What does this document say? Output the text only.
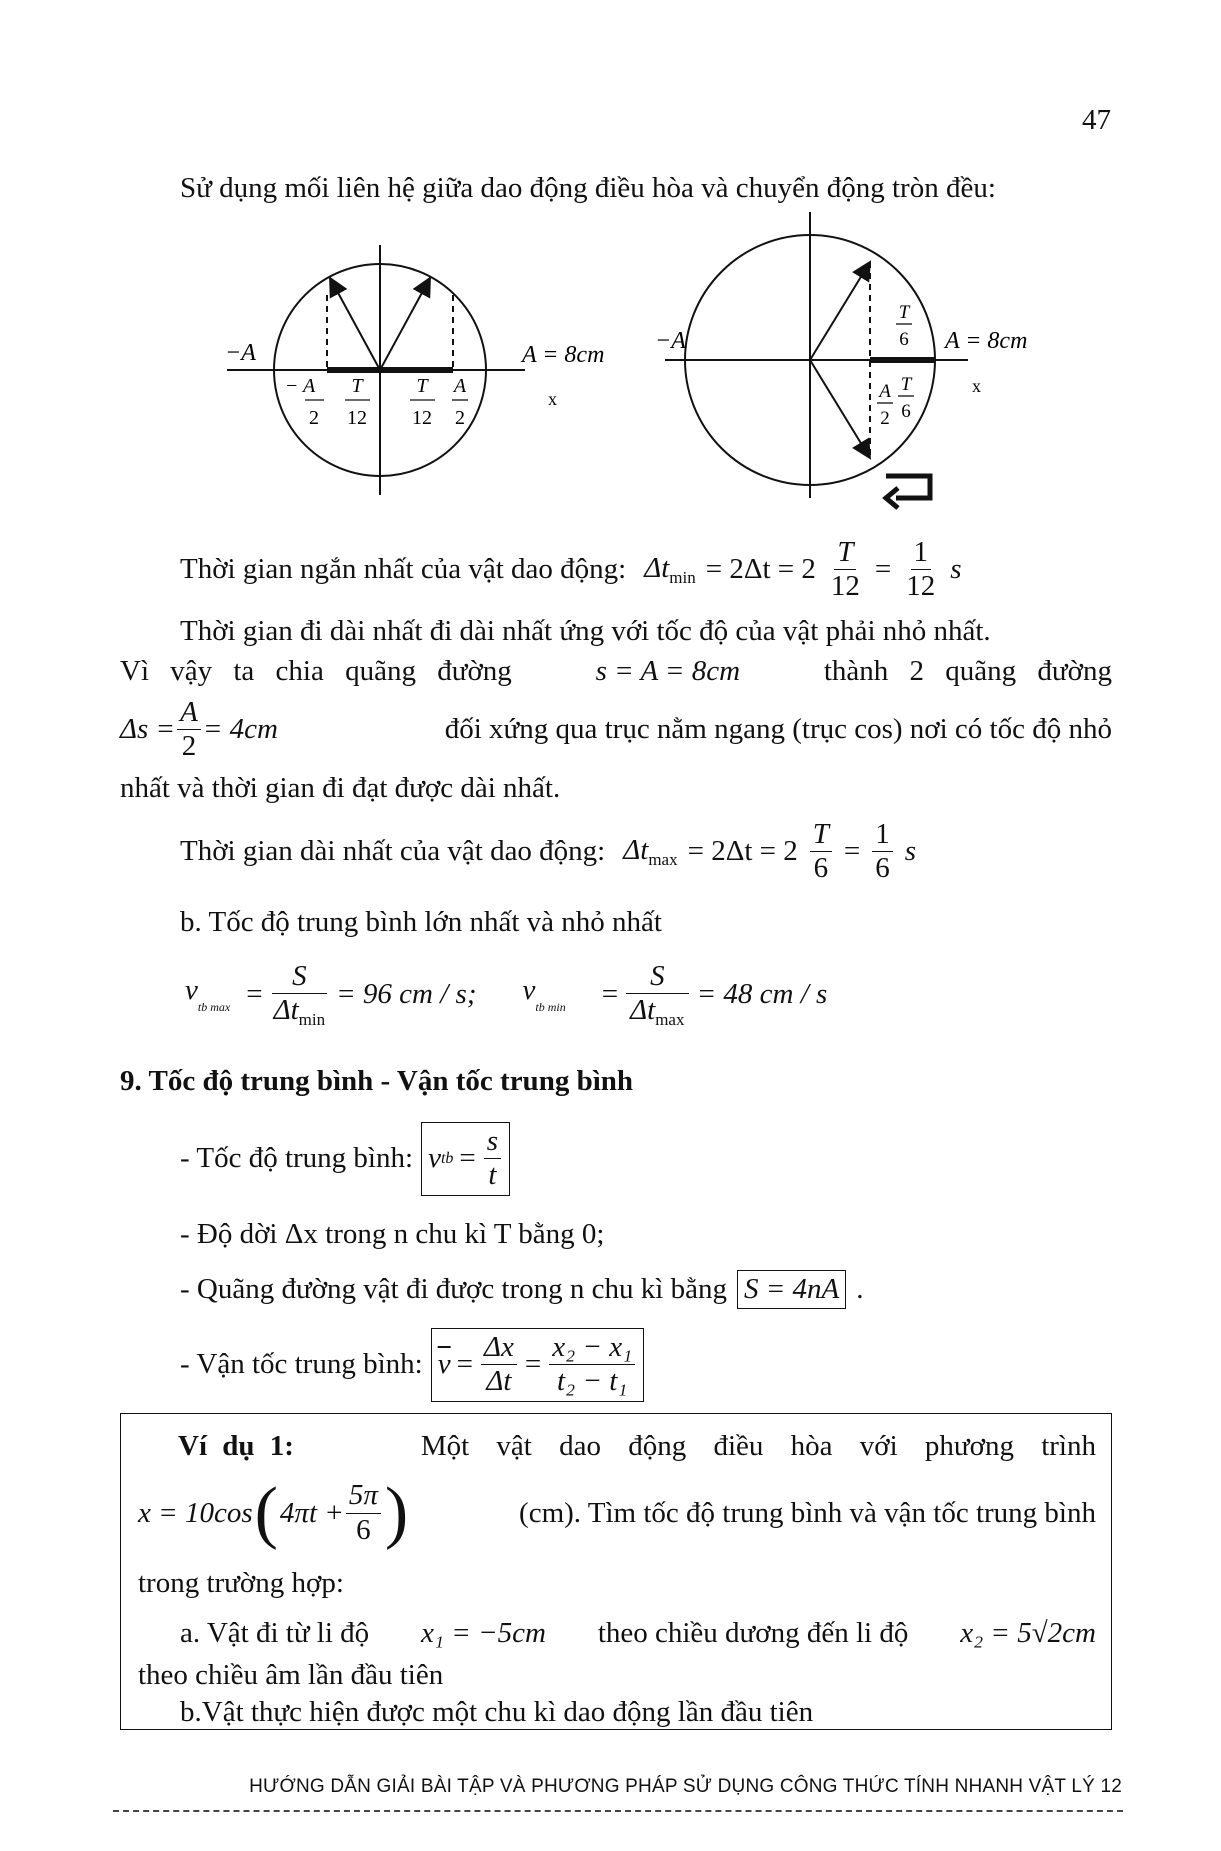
47
Sử dụng mối liên hệ giữa dao động điều hòa và chuyển động tròn đều:
−A	A = 8cm
x
− A
2
T
12
T
12
A
2
−A	A = 8cm
x
T
6
A
2
T
6
Thời gian ngắn nhất của vật dao động: $\Delta t_{min} = 2\Delta t = 2 \frac{T}{12} = \frac{1}{12}$ s
Thời gian đi dài nhất đi dài nhất ứng với tốc độ của vật phải nhỏ nhất.
Vì vậy ta chia quãng đường	s = A = 8cm	thành 2 quãng đường
$\Delta s = \frac{A}{2} = 4cm$	đối xứng qua trục nằm ngang (trục cos) nơi có tốc độ nhỏ
nhất và thời gian đi đạt được dài nhất.
Thời gian dài nhất của vật dao động: $\Delta t_{max} = 2\Delta t = 2 \frac{T}{6} = \frac{1}{6}$ s
b. Tốc độ trung bình lớn nhất và nhỏ nhất
$v_{tb max} = \frac{S}{\Delta t_{min}} = 96$ cm / s; $v_{tb min} = \frac{S}{\Delta t_{max}} = 48$ cm / s
9. Tốc độ trung bình - Vận tốc trung bình
- Tốc độ trung bình: v tb = $\frac{s}{t}$
- Độ dời Δx trong n chu kì T bằng 0;
- Quãng đường vật đi được trong n chu kì bằng S = 4nA .
- Vận tốc trung bình: $\overline{v} = \frac{\Delta x}{\Delta t} = \frac{\text{x₂ − x₁}}{\text{t₂ − t₁}}$
Ví dụ 1:	Một vật dao động điều hòa với phương trình
x = 10cos ( $4\pi t + \frac{5\pi}{6}$ )	(cm). Tìm tốc độ trung bình và vận tốc trung bình
trong trường hợp:
a. Vật đi từ li độ x₁ = −5cm theo chiều dương đến li độ x₂ = 5√2cm
theo chiều âm lần đầu tiên
b.Vật thực hiện được một chu kì dao động lần đầu tiên
HƯỚNG DẪN GIẢI BÀI TẬP VÀ PHƯƠNG PHÁP SỬ DỤNG CÔNG THỨC TÍNH NHANH VẬT LÝ 12
